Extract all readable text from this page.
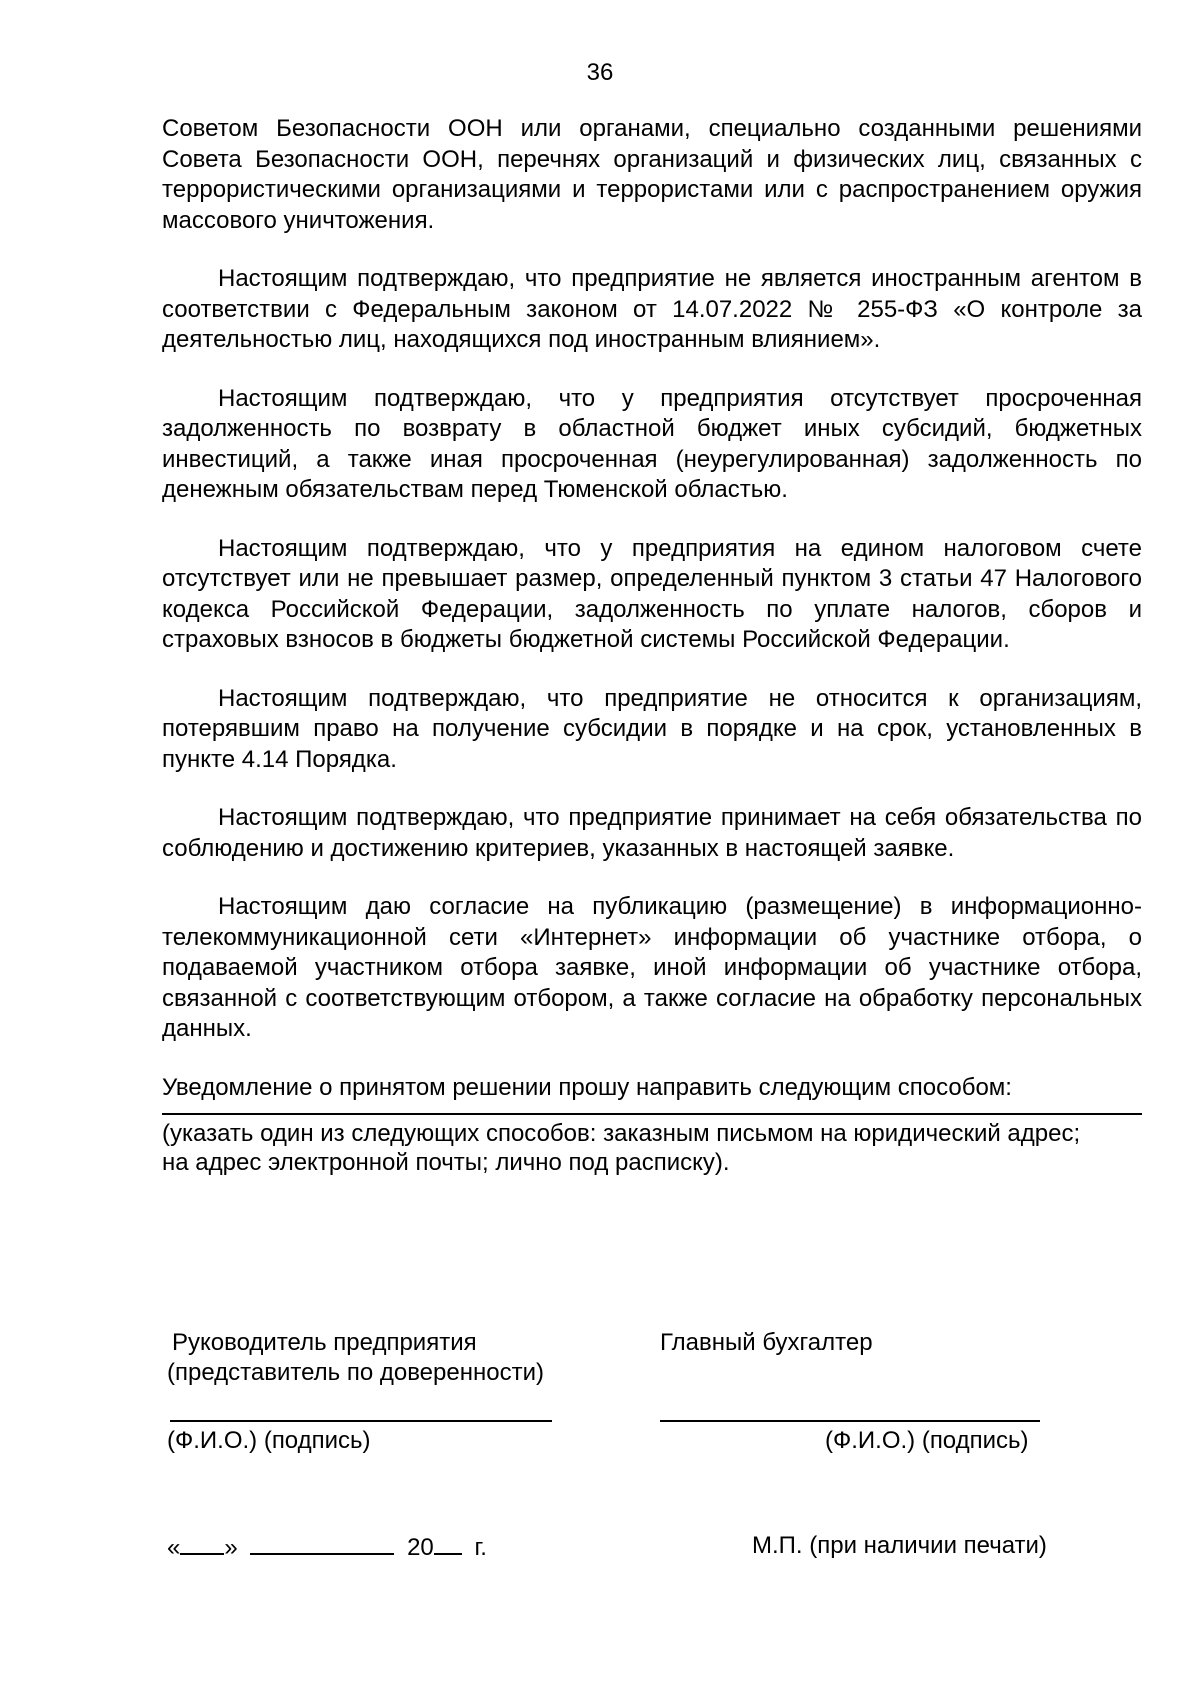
36

Советом Безопасности ООН или органами, специально созданными решениями Совета Безопасности ООН, перечнях организаций и физических лиц, связанных с террористическими организациями и террористами или с распространением оружия массового уничтожения.

Настоящим подтверждаю, что предприятие не является иностранным агентом в соответствии с Федеральным законом от 14.07.2022 № 255-ФЗ «О контроле за деятельностью лиц, находящихся под иностранным влиянием».

Настоящим подтверждаю, что у предприятия отсутствует просроченная задолженность по возврату в областной бюджет иных субсидий, бюджетных инвестиций, а также иная просроченная (неурегулированная) задолженность по денежным обязательствам перед Тюменской областью.

Настоящим подтверждаю, что у предприятия на едином налоговом счете отсутствует или не превышает размер, определенный пунктом 3 статьи 47 Налогового кодекса Российской Федерации, задолженность по уплате налогов, сборов и страховых взносов в бюджеты бюджетной системы Российской Федерации.

Настоящим подтверждаю, что предприятие не относится к организациям, потерявшим право на получение субсидии в порядке и на срок, установленных в пункте 4.14 Порядка.

Настоящим подтверждаю, что предприятие принимает на себя обязательства по соблюдению и достижению критериев, указанных в настоящей заявке.

Настоящим даю согласие на публикацию (размещение) в информационно-телекоммуникационной сети «Интернет» информации об участнике отбора, о подаваемой участником отбора заявке, иной информации об участнике отбора, связанной с соответствующим отбором, а также согласие на обработку персональных данных.

Уведомление о принятом решении прошу направить следующим способом:

(указать один из следующих способов: заказным письмом на юридический адрес;

на адрес электронной почты; лично под расписку).

Руководитель предприятия
(представитель по доверенности)
Главный бухгалтер
(Ф.И.О.) (подпись)	(Ф.И.О.) (подпись)
« »	20 г.	М.П. (при наличии печати)
